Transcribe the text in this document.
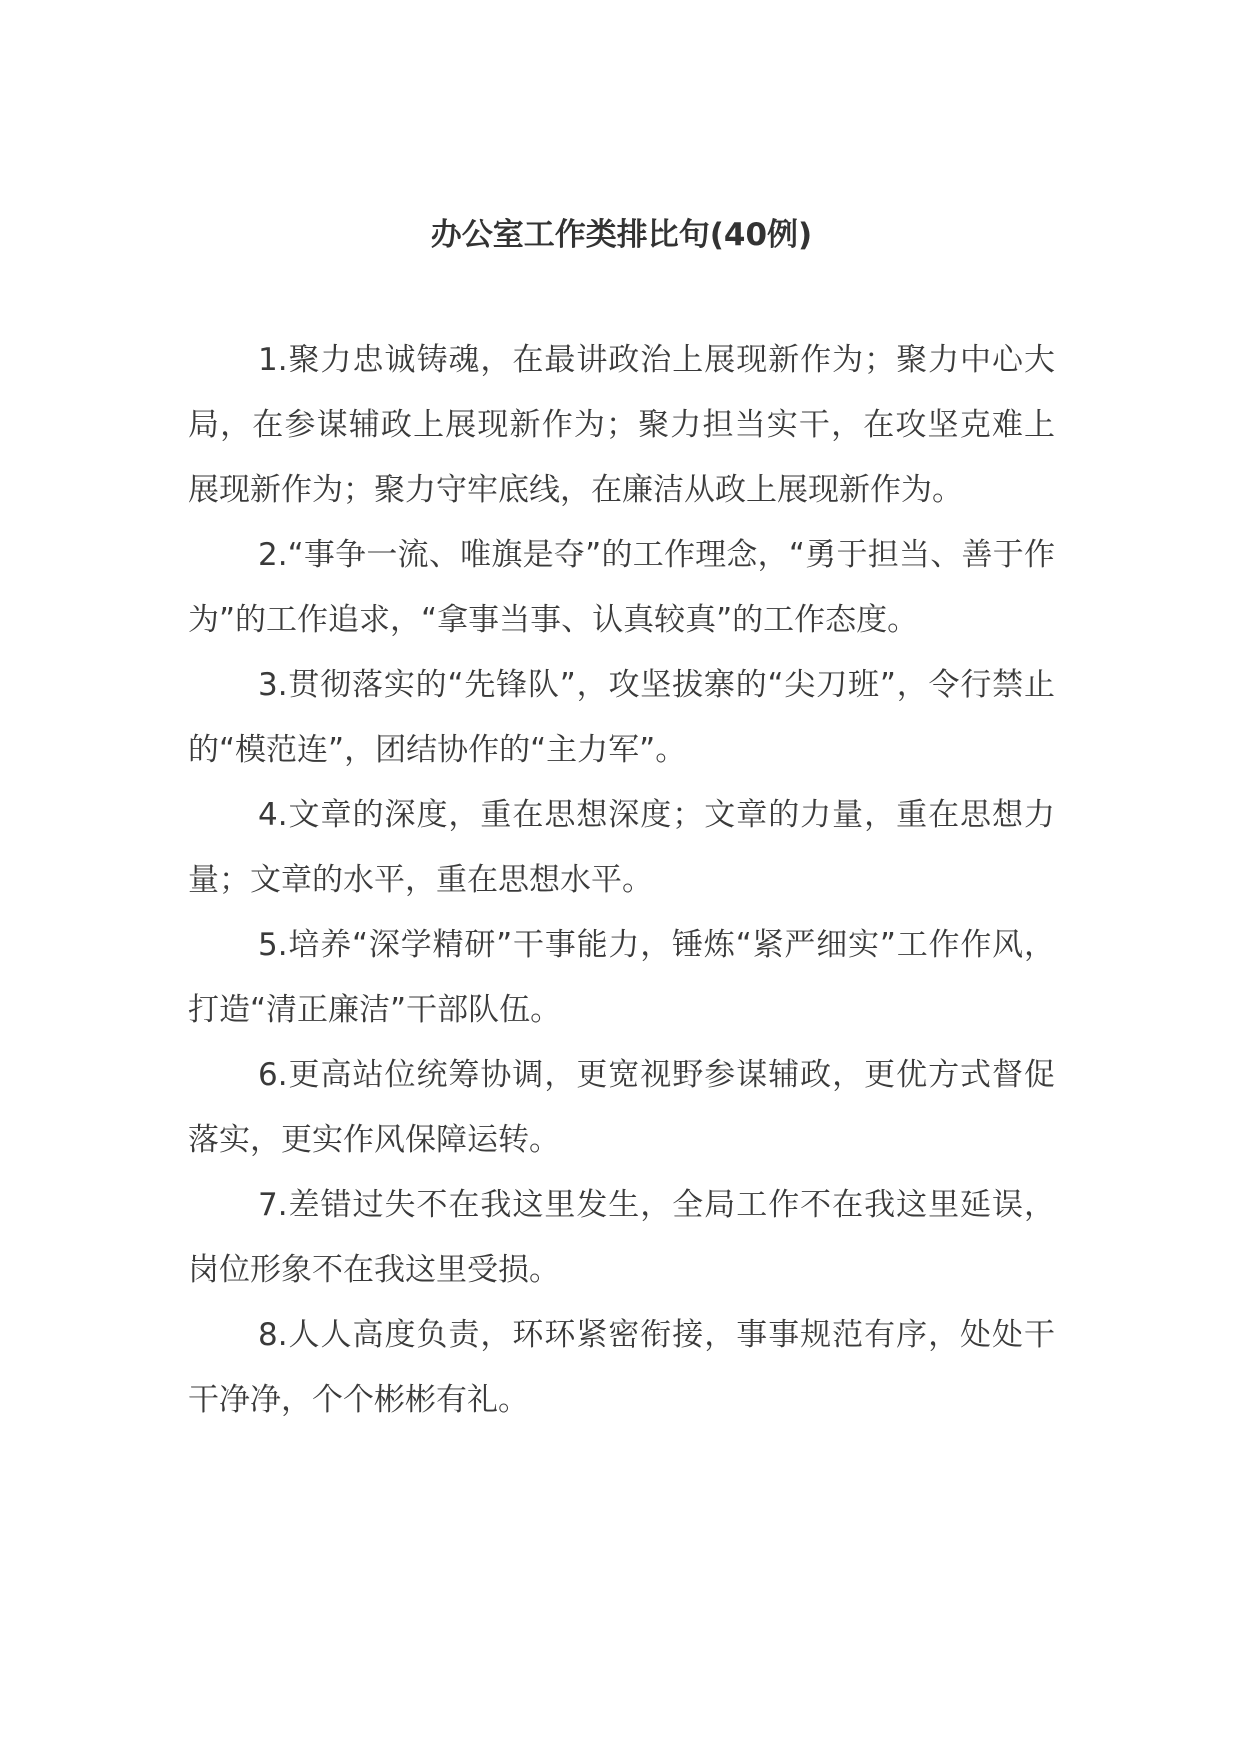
办公室工作类排比句(40例)

1.聚力忠诚铸魂，在最讲政治上展现新作为；聚力中心大局，在参谋辅政上展现新作为；聚力担当实干，在攻坚克难上展现新作为；聚力守牢底线，在廉洁从政上展现新作为。

2.“事争一流、唯旗是夺”的工作理念，“勇于担当、善于作为”的工作追求，“拿事当事、认真较真”的工作态度。

3.贯彻落实的“先锋队”，攻坚拔寨的“尖刀班”，令行禁止的“模范连”，团结协作的“主力军”。

4.文章的深度，重在思想深度；文章的力量，重在思想力量；文章的水平，重在思想水平。

5.培养“深学精研”干事能力，锤炼“紧严细实”工作作风，打造“清正廉洁”干部队伍。

6.更高站位统筹协调，更宽视野参谋辅政，更优方式督促落实，更实作风保障运转。

7.差错过失不在我这里发生，全局工作不在我这里延误，岗位形象不在我这里受损。

8.人人高度负责，环环紧密衔接，事事规范有序，处处干干净净，个个彬彬有礼。
